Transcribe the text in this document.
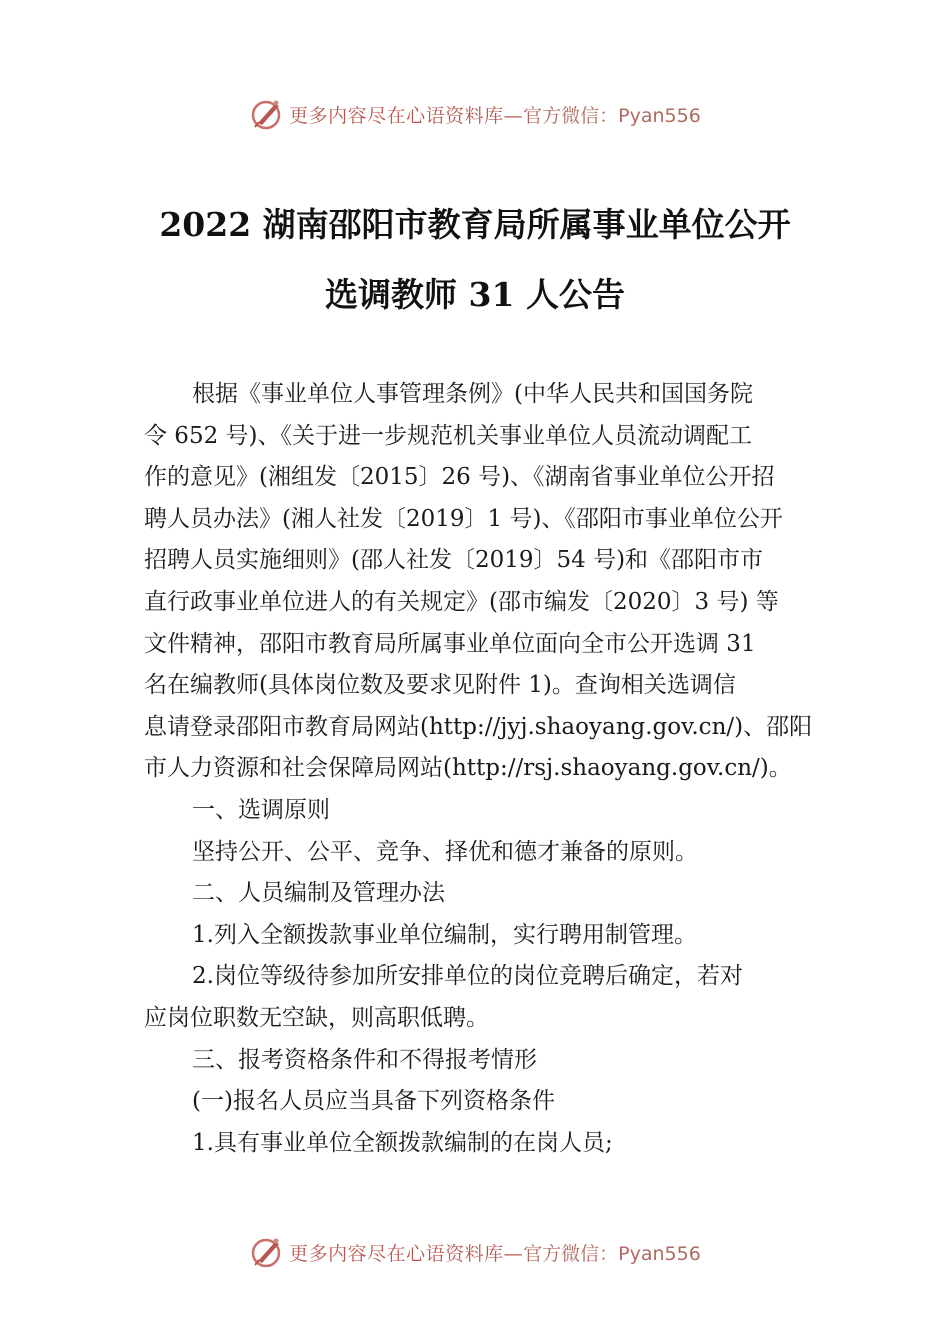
更多内容尽在心语资料库— 官方微信：Pyan556
2022 湖南邵阳市教育局所属事业单位公开
选调教师 31 人公告

根据《事业单位人事管理条例》(中华人民共和国国务院

令 652 号)、《关于进一步规范机关事业单位人员流动调配工

作的意见》(湘组发〔2015〕26 号)、《湖南省事业单位公开招

聘人员办法》(湘人社发〔2019〕1 号)、《邵阳市事业单位公开

招聘人员实施细则》(邵人社发〔2019〕54 号)和《邵阳市市

直行政事业单位进人的有关规定》(邵市编发〔2020〕3 号) 等

文件精神，邵阳市教育局所属事业单位面向全市公开选调 31

名在编教师(具体岗位数及要求见附件 1)。查询相关选调信

息请登录邵阳市教育局网站(http://jyj.shaoyang.gov.cn/)、邵阳

市人力资源和社会保障局网站(http://rsj.shaoyang.gov.cn/)。

一、选调原则

坚持公开、公平、竞争、择优和德才兼备的原则。

二、人员编制及管理办法

1.列入全额拨款事业单位编制，实行聘用制管理。

2.岗位等级待参加所安排单位的岗位竞聘后确定，若对

应岗位职数无空缺，则高职低聘。

三、报考资格条件和不得报考情形

(一)报名人员应当具备下列资格条件

1.具有事业单位全额拨款编制的在岗人员;

更多内容尽在心语资料库— 官方微信：Pyan556
